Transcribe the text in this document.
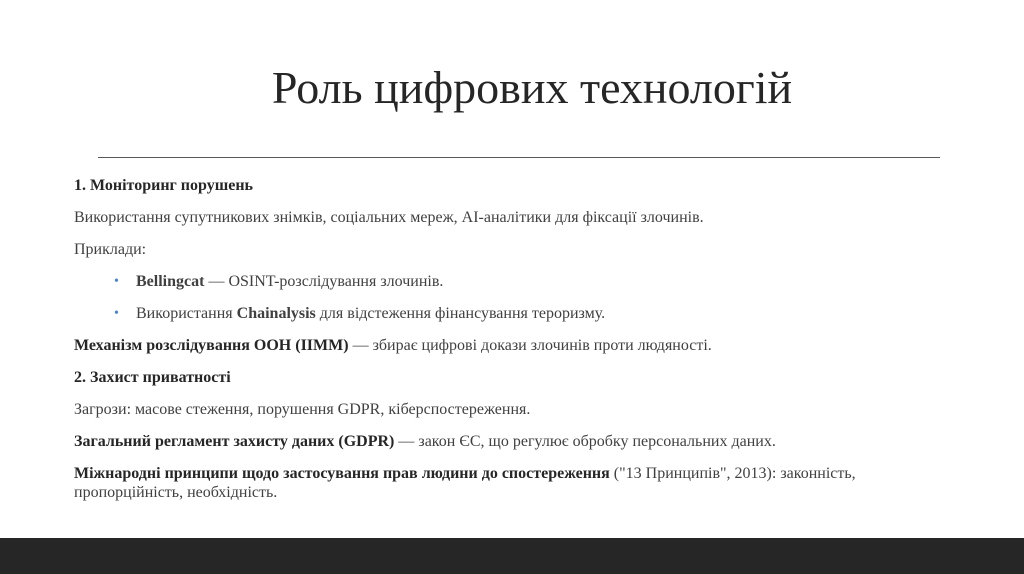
Роль цифрових технологій

1. Моніторинг порушень

Використання супутникових знімків, соціальних мереж, AI-аналітики для фіксації злочинів.

Приклади:

• Bellingcat — OSINT-розслідування злочинів.
• Використання Chainalysis для відстеження фінансування тероризму.

Механізм розслідування ООН (IIMM) — збирає цифрові докази злочинів проти людяності.

2. Захист приватності

Загрози: масове стеження, порушення GDPR, кіберспостереження.

Загальний регламент захисту даних (GDPR) — закон ЄС, що регулює обробку персональних даних.

Міжнародні принципи щодо застосування прав людини до спостереження ("13 Принципів", 2013): законність, пропорційність, необхідність.
